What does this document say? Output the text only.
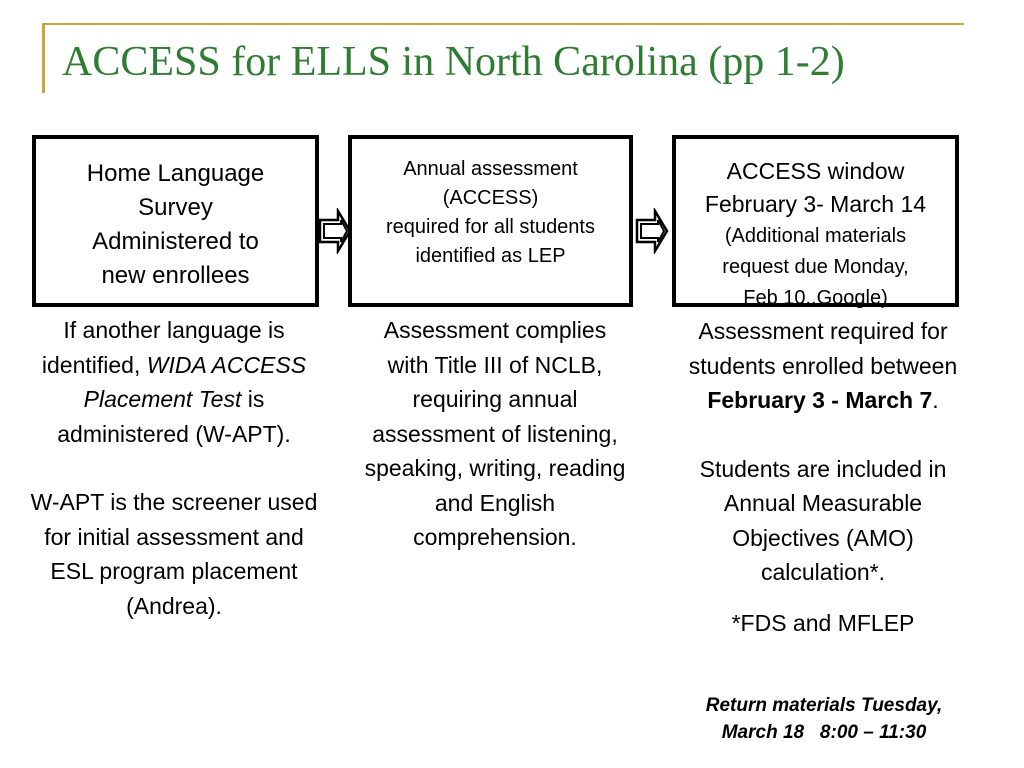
ACCESS for ELLS in North Carolina (pp 1-2)
Home Language
Survey
Administered to
new enrollees
Annual assessment
(ACCESS)
required for all students
identified as LEP
ACCESS window
February 3- March 14
(Additional materials
request due Monday,
Feb 10..Google)

If another language is identified, WIDA ACCESS Placement Test is administered (W-APT).

W-APT is the screener used for initial assessment and ESL program placement (Andrea).

Assessment complies with Title III of NCLB, requiring annual assessment of listening, speaking, writing, reading and English comprehension.

Assessment required for students enrolled between
February 3 - March 7.

Students are included in Annual Measurable Objectives (AMO) calculation*.

*FDS and MFLEP

Return materials Tuesday,
March 18   8:00 – 11:30
